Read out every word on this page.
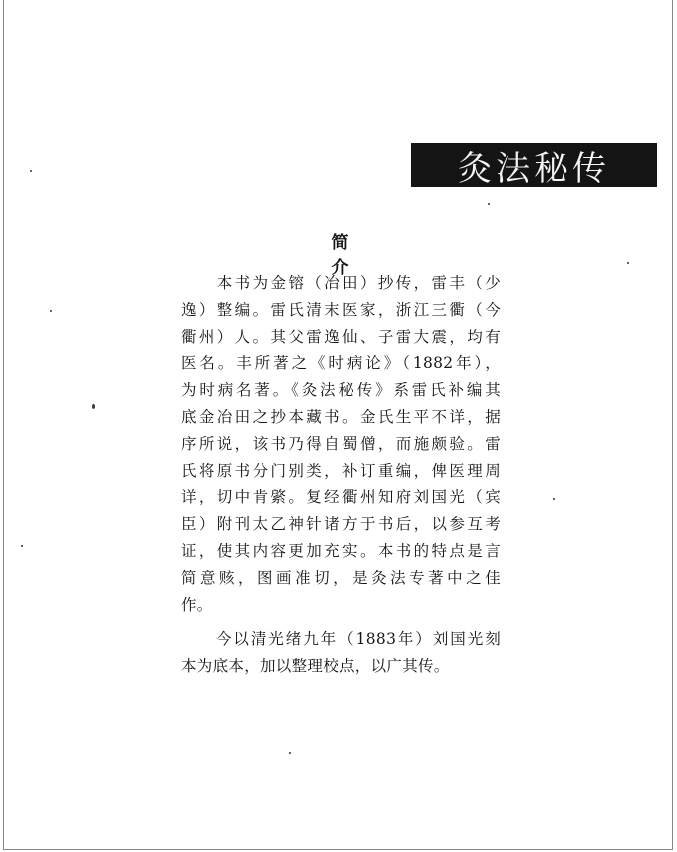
灸法秘传
简　介
　　本书为金镕（冶田）抄传，雷丰（少
逸）整编。雷氏清末医家，浙江三衢（今
衢州）人。其父雷逸仙、子雷大震，均有
医名。丰所著之《时病论》（1882年），
为时病名著。《灸法秘传》系雷氏补编其
底金冶田之抄本藏书。金氏生平不详，据
序所说，该书乃得自蜀僧，而施颇验。雷
氏将原书分门别类，补订重编，俾医理周
详，切中肯綮。复经衢州知府刘国光（宾
臣）附刊太乙神针诸方于书后，以参互考
证，使其内容更加充实。本书的特点是言
简意赅，图画准切，是灸法专著中之佳
作。
　　今以清光绪九年（1883年）刘国光刻
本为底本，加以整理校点，以广其传。
